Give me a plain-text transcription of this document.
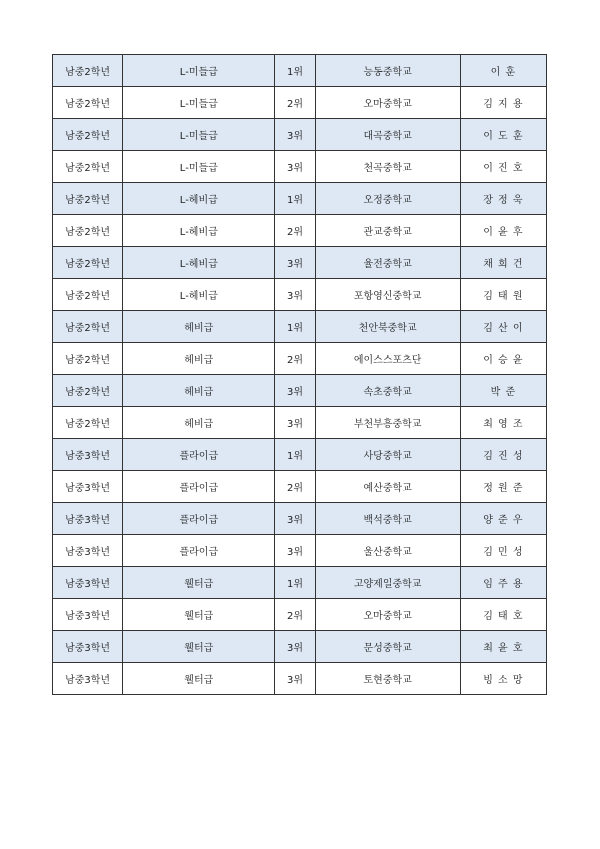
남중2학년	L-미들급	1위	능동중학교	이 훈
남중2학년	L-미들급	2위	오마중학교	김 지 용
남중2학년	L-미들급	3위	대곡중학교	이 도 훈
남중2학년	L-미들급	3위	천곡중학교	이 진 호
남중2학년	L-헤비급	1위	오정중학교	장 정 욱
남중2학년	L-헤비급	2위	관교중학교	이 윤 후
남중2학년	L-헤비급	3위	율전중학교	채 희 건
남중2학년	L-헤비급	3위	포항영신중학교	김 태 원
남중2학년	헤비급	1위	천안북중학교	김 산 이
남중2학년	헤비급	2위	에이스스포츠단	이 승 윤
남중2학년	헤비급	3위	속초중학교	박 준
남중2학년	헤비급	3위	부천부흥중학교	최 영 조
남중3학년	플라이급	1위	사당중학교	김 진 성
남중3학년	플라이급	2위	예산중학교	정 원 준
남중3학년	플라이급	3위	백석중학교	양 준 우
남중3학년	플라이급	3위	울산중학교	김 민 성
남중3학년	웰터급	1위	고양제일중학교	임 주 용
남중3학년	웰터급	2위	오마중학교	김 태 호
남중3학년	웰터급	3위	문성중학교	최 윤 호
남중3학년	웰터급	3위	토현중학교	빙 소 망
